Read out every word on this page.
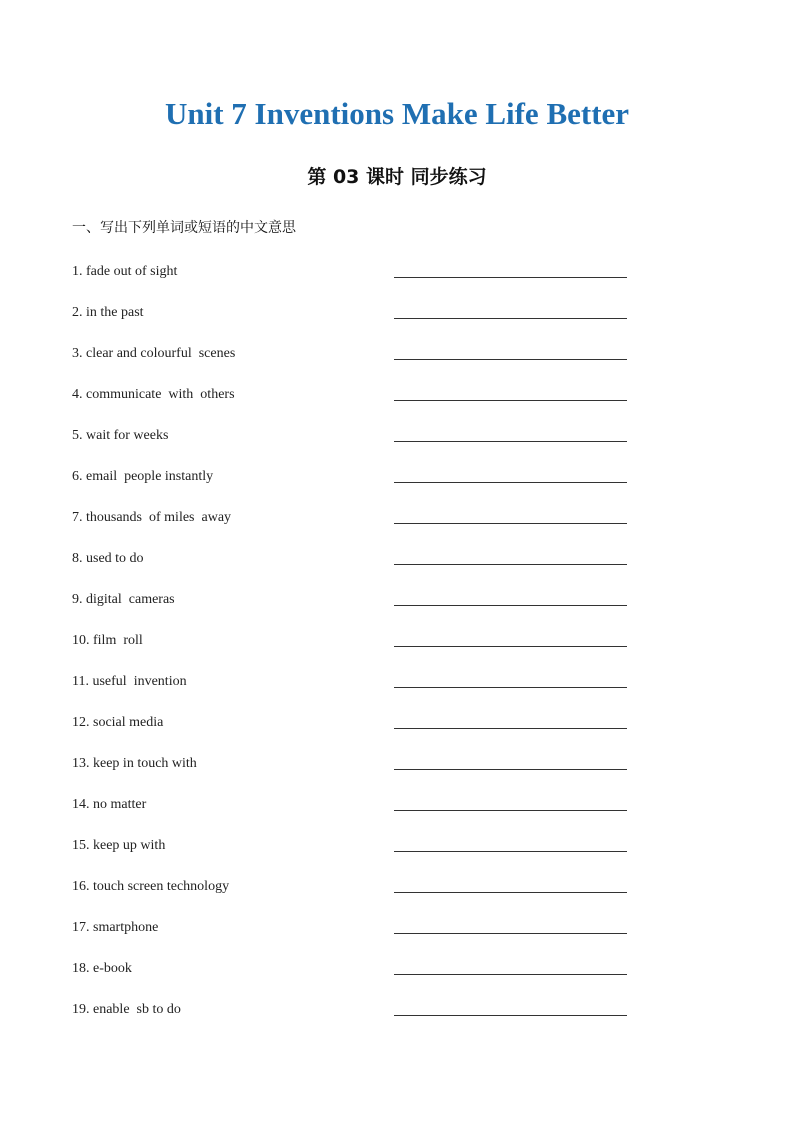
Unit 7 Inventions Make Life Better
第 03 课时 同步练习
一、写出下列单词或短语的中文意思
1. fade out of sight
2. in the past
3. clear and colourful  scenes
4. communicate  with  others
5. wait for weeks
6. email  people instantly
7. thousands  of miles  away
8. used to do
9. digital  cameras
10. film  roll
11. useful  invention
12. social media
13. keep in touch with
14. no matter
15. keep up with
16. touch screen technology
17. smartphone
18. e-book
19. enable  sb to do
